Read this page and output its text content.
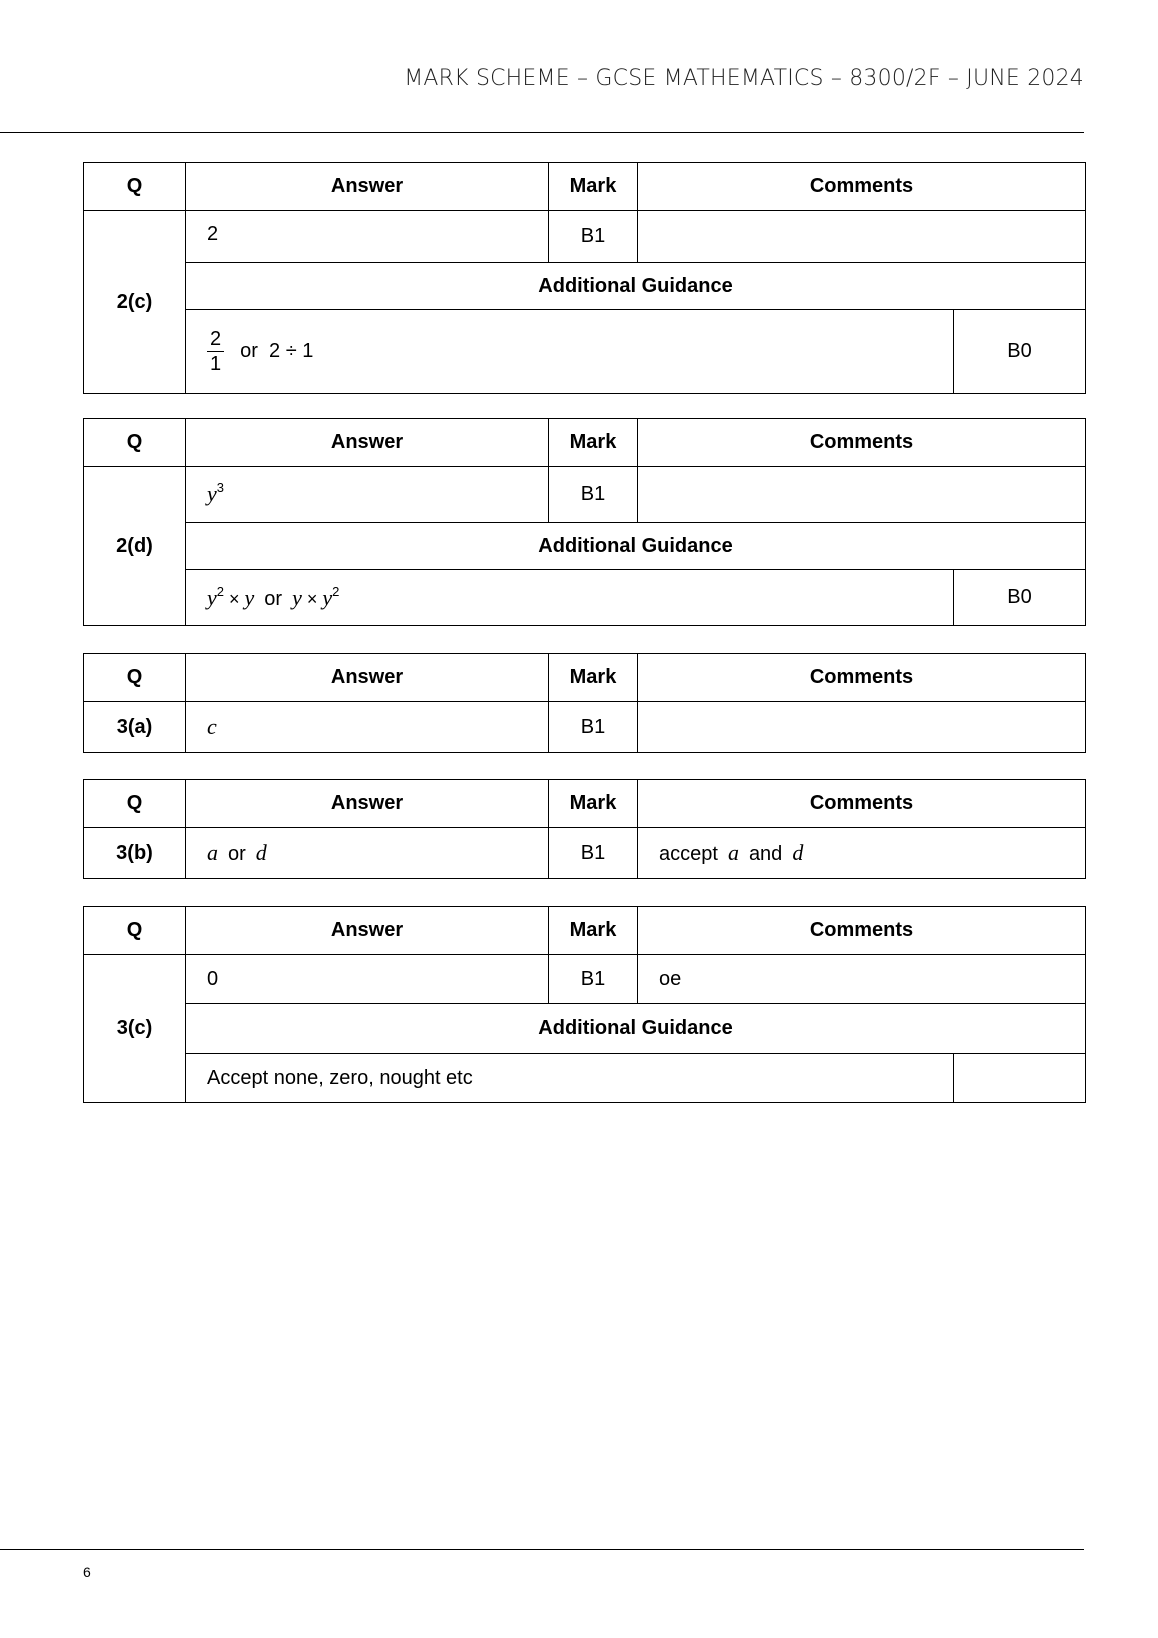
MARK SCHEME – GCSE MATHEMATICS – 8300/2F – JUNE 2024
Q	Answer	Mark	Comments	
2(c)	2	B1		
	Additional Guidance			

	$\frac{2}{1}$ or  2 ÷ 1			B0
Q	Answer	Mark	Comments	
2(d)	$y^3$	B1		
	Additional Guidance			
	$y^2 \times y$ or $y \times y^2$			B0
Q	Answer	Mark	Comments
3(a)	c	B1	
Q	Answer	Mark	Comments
3(b)	a or d	B1	accept a and d
Q	Answer	Mark	Comments	
3(c)	0	B1	oe	
	Additional Guidance			
	Accept none, zero, nought etc			
6
